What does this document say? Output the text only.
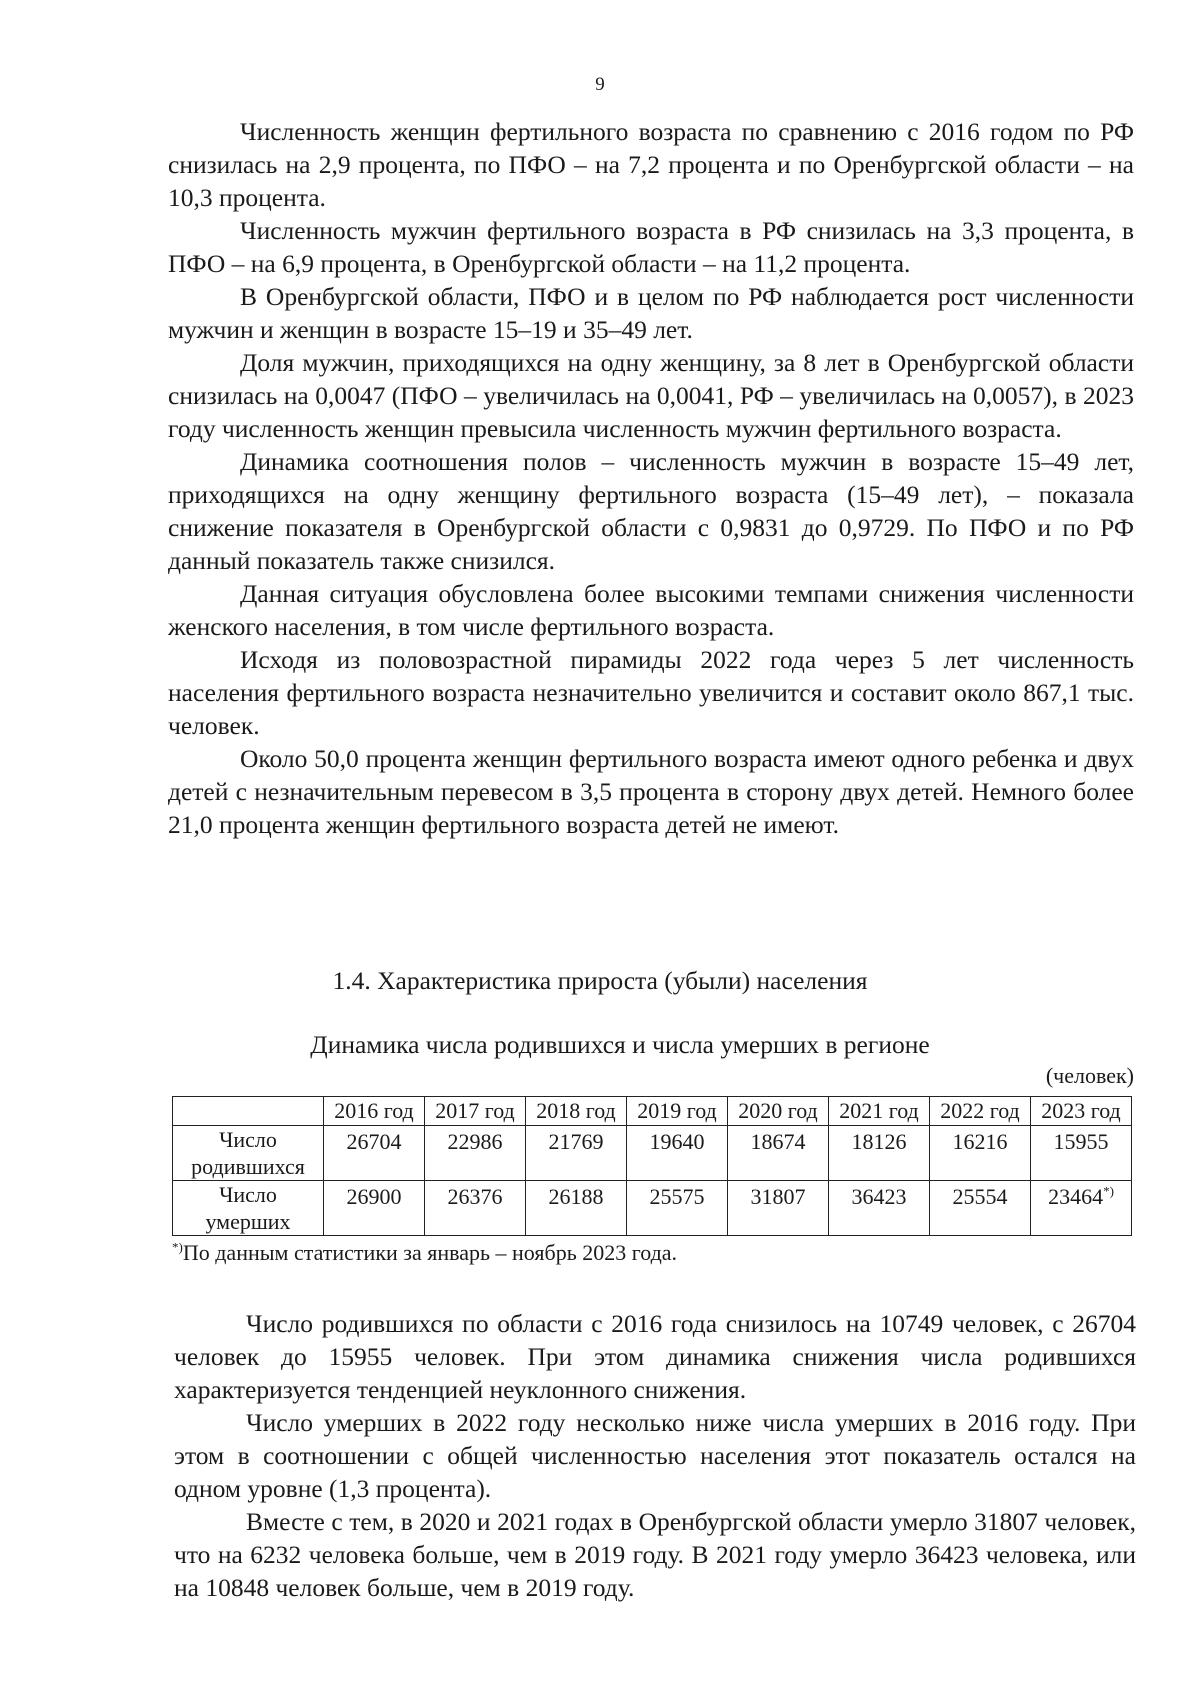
9

Численность женщин фертильного возраста по сравнению с 2016 годом по РФ снизилась на 2,9 процента, по ПФО – на 7,2 процента и по Оренбургской области – на 10,3 процента.

Численность мужчин фертильного возраста в РФ снизилась на 3,3 процента, в ПФО – на 6,9 процента, в Оренбургской области – на 11,2 процента.

В Оренбургской области, ПФО и в целом по РФ наблюдается рост численности мужчин и женщин в возрасте 15–19 и 35–49 лет.

Доля мужчин, приходящихся на одну женщину, за 8 лет в Оренбургской области снизилась на 0,0047 (ПФО – увеличилась на 0,0041, РФ – увеличилась на 0,0057), в 2023 году численность женщин превысила численность мужчин фертильного возраста.

Динамика соотношения полов – численность мужчин в возрасте 15–49 лет, приходящихся на одну женщину фертильного возраста (15–49 лет), – показала снижение показателя в Оренбургской области с 0,9831 до 0,9729. По ПФО и по РФ данный показатель также снизился.

Данная ситуация обусловлена более высокими темпами снижения численности женского населения, в том числе фертильного возраста.

Исходя из половозрастной пирамиды 2022 года через 5 лет численность населения фертильного возраста незначительно увеличится и составит около 867,1 тыс. человек.

Около 50,0 процента женщин фертильного возраста имеют одного ребенка и двух детей с незначительным перевесом в 3,5 процента в сторону двух детей. Немного более 21,0 процента женщин фертильного возраста детей не имеют.

1.4. Характеристика прироста (убыли) населения
Динамика числа родившихся и числа умерших в регионе
(человек)
	2016 год	2017 год	2018 год	2019 год	2020 год	2021 год	2022 год	2023 год
Число
родившихся	26704	22986	21769	19640	18674	18126	16216	15955
Число
умерших	26900	26376	26188	25575	31807	36423	25554	23464*)
*)По данным статистики за январь – ноябрь 2023 года.

Число родившихся по области с 2016 года снизилось на 10749 человек, с 26704 человек до 15955 человек. При этом динамика снижения числа родившихся характеризуется тенденцией неуклонного снижения.

Число умерших в 2022 году несколько ниже числа умерших в 2016 году. При этом в соотношении с общей численностью населения этот показатель остался на одном уровне (1,3 процента).

Вместе с тем, в 2020 и 2021 годах в Оренбургской области умерло 31807 человек, что на 6232 человека больше, чем в 2019 году. В 2021 году умерло 36423 человека, или на 10848 человек больше, чем в 2019 году.
